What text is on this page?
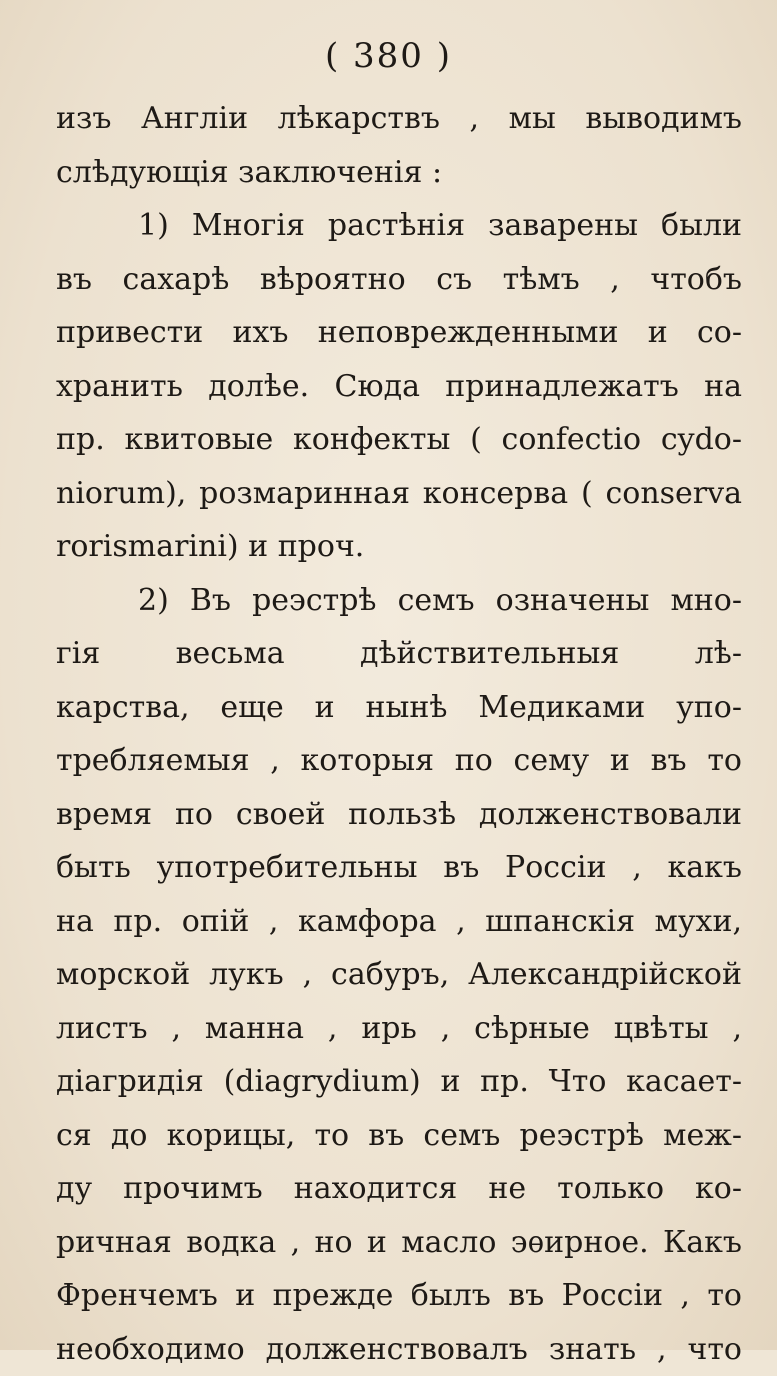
( 380 )
изъ Англіи лѣкарствъ , мы выводимъ
слѣдующія заключенія :
1) Многія растѣнія заварены были
въ сахарѣ вѣроятно съ тѣмъ , чтобъ
привести ихъ неповрежденными и со-
хранить долѣе. Сюда принадлежатъ на
пр. квитовые конфекты ( confectio cydo-
niorum), розмаринная консерва ( conserva
rorismarini) и проч.
2) Въ реэстрѣ семъ означены мно-
гія весьма дѣйствительныя лѣ-
карства, еще и нынѣ Медиками упо-
требляемыя , которыя по сему и въ то
время по своей пользѣ долженствовали
быть употребительны въ Россіи , какъ
на пр. опій , камфора , шпанскія мухи,
морской лукъ , сабуръ, Александрійской
листъ , манна , ирь , сѣрные цвѣты ,
діагридія (diagrydium) и пр. Что касает-
ся до корицы, то въ семъ реэстрѣ меж-
ду прочимъ находится не только ко-
ричная водка , но и масло эѳирное. Какъ
Френчемъ и прежде былъ въ Россіи , то
необходимо долженствовалъ знать , что
